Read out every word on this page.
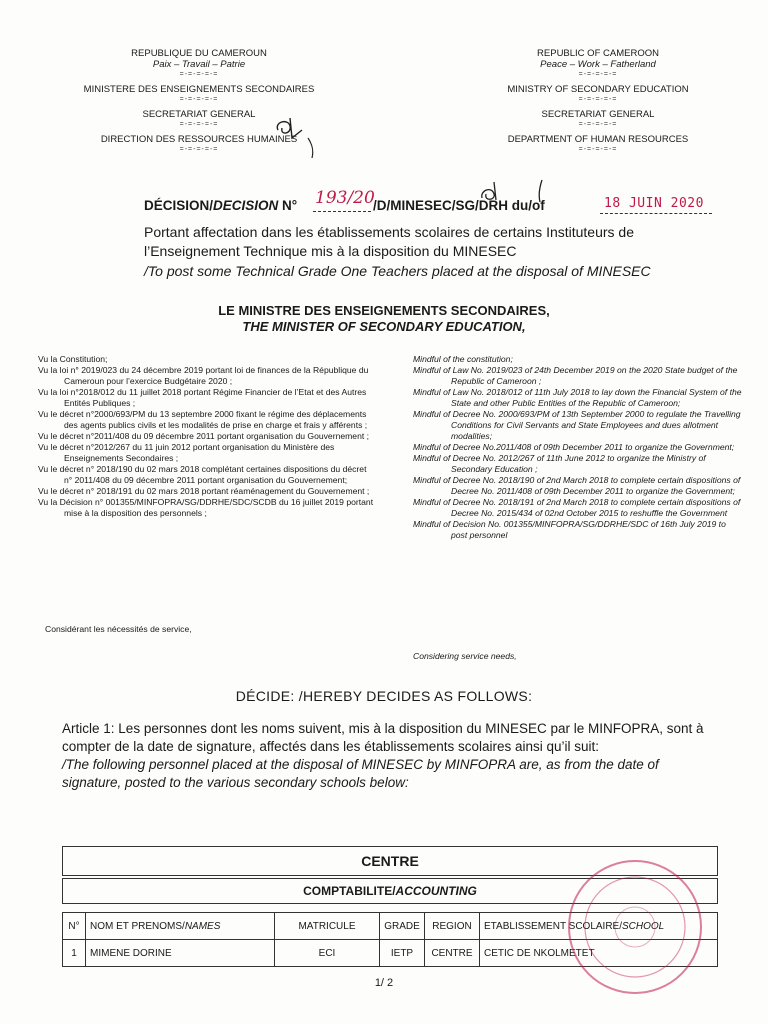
REPUBLIQUE DU CAMEROUN
Paix – Travail – Patrie
=-=-=-=-=
MINISTERE DES ENSEIGNEMENTS SECONDAIRES
=-=-=-=-=
SECRETARIAT GENERAL
=-=-=-=-=
DIRECTION DES RESSOURCES HUMAINES
=-=-=-=-=
REPUBLIC OF CAMEROON
Peace – Work – Fatherland
=-=-=-=-=
MINISTRY OF SECONDARY EDUCATION
=-=-=-=-=
SECRETARIAT GENERAL
=-=-=-=-=
DEPARTMENT OF HUMAN RESOURCES
=-=-=-=-=
DÉCISION/DECISION N° 193/20
/D/MINESEC/SG/DRH du/of	18 JUIN 2020
Portant affectation dans les établissements scolaires de certains Instituteurs de
l’Enseignement Technique mis à la disposition du MINESEC
/To post some Technical Grade One Teachers placed at the disposal of MINESEC
LE MINISTRE DES ENSEIGNEMENTS SECONDAIRES,
THE MINISTER OF SECONDARY EDUCATION,
Vu la Constitution;
Vu la loi n° 2019/023 du 24 décembre 2019 portant loi de finances de la République du Cameroun pour l’exercice Budgétaire 2020 ;
Vu la loi n°2018/012 du 11 juillet 2018 portant Régime Financier de l’Etat et des Autres Entités Publiques ;
Vu le décret n°2000/693/PM du 13 septembre 2000 fixant le régime des déplacements des agents publics civils et les modalités de prise en charge et frais y afférents ;
Vu le décret n°2011/408 du 09 décembre 2011 portant organisation du Gouvernement ;
Vu le décret n°2012/267 du 11 juin 2012 portant organisation du Ministère des Enseignements Secondaires ;
Vu le décret n° 2018/190 du 02 mars 2018 complétant certaines dispositions du décret n° 2011/408 du 09 décembre 2011 portant organisation du Gouvernement;
Vu le décret n° 2018/191 du 02 mars 2018 portant réaménagement du Gouvernement ;
Vu la Décision n° 001355/MINFOPRA/SG/DDRHE/SDC/SCDB du 16 juillet 2019 portant mise à la disposition des personnels ;
Considérant les nécessités de service,
Mindful of the constitution;
Mindful of Law No. 2019/023 of 24th December 2019 on the 2020 State budget of the Republic of Cameroon ;
Mindful of Law No. 2018/012 of 11th July 2018 to lay down the Financial System of the State and other Public Entities of the Republic of Cameroon;
Mindful of Decree No. 2000/693/PM of 13th September 2000 to regulate the Travelling Conditions for Civil Servants and State Employees and dues allotment modalities;
Mindful of Decree No.2011/408 of 09th December 2011 to organize the Government;
Mindful of Decree No. 2012/267 of 11th June 2012 to organize the Ministry of Secondary Education ;
Mindful of Decree No. 2018/190 of 2nd March 2018 to complete certain dispositions of Decree No. 2011/408 of 09th December 2011 to organize the Government;
Mindful of Decree No. 2018/191 of 2nd March 2018 to complete certain dispositions of Decree No. 2015/434 of 02nd October 2015 to reshuffle the Government
Mindful of Decision No. 001355/MINFOPRA/SG/DDRHE/SDC of 16th July 2019 to post personnel
Considering service needs,
DÉCIDE: /HEREBY DECIDES AS FOLLOWS:
Article 1: Les personnes dont les noms suivent, mis à la disposition du MINESEC par le MINFOPRA, sont à compter de la date de signature, affectés dans les établissements scolaires ainsi qu’il suit:
/The following personnel placed at the disposal of MINESEC by MINFOPRA are, as from the date of signature, posted to the various secondary schools below:
CENTRE
COMPTABILITE/ACCOUNTING
N°	NOM ET PRENOMS/NAMES	MATRICULE	GRADE	REGION	ETABLISSEMENT SCOLAIRE/SCHOOL
1	MIMENE DORINE	ECI	IETP	CENTRE	CETIC DE NKOLMETET
1/ 2
